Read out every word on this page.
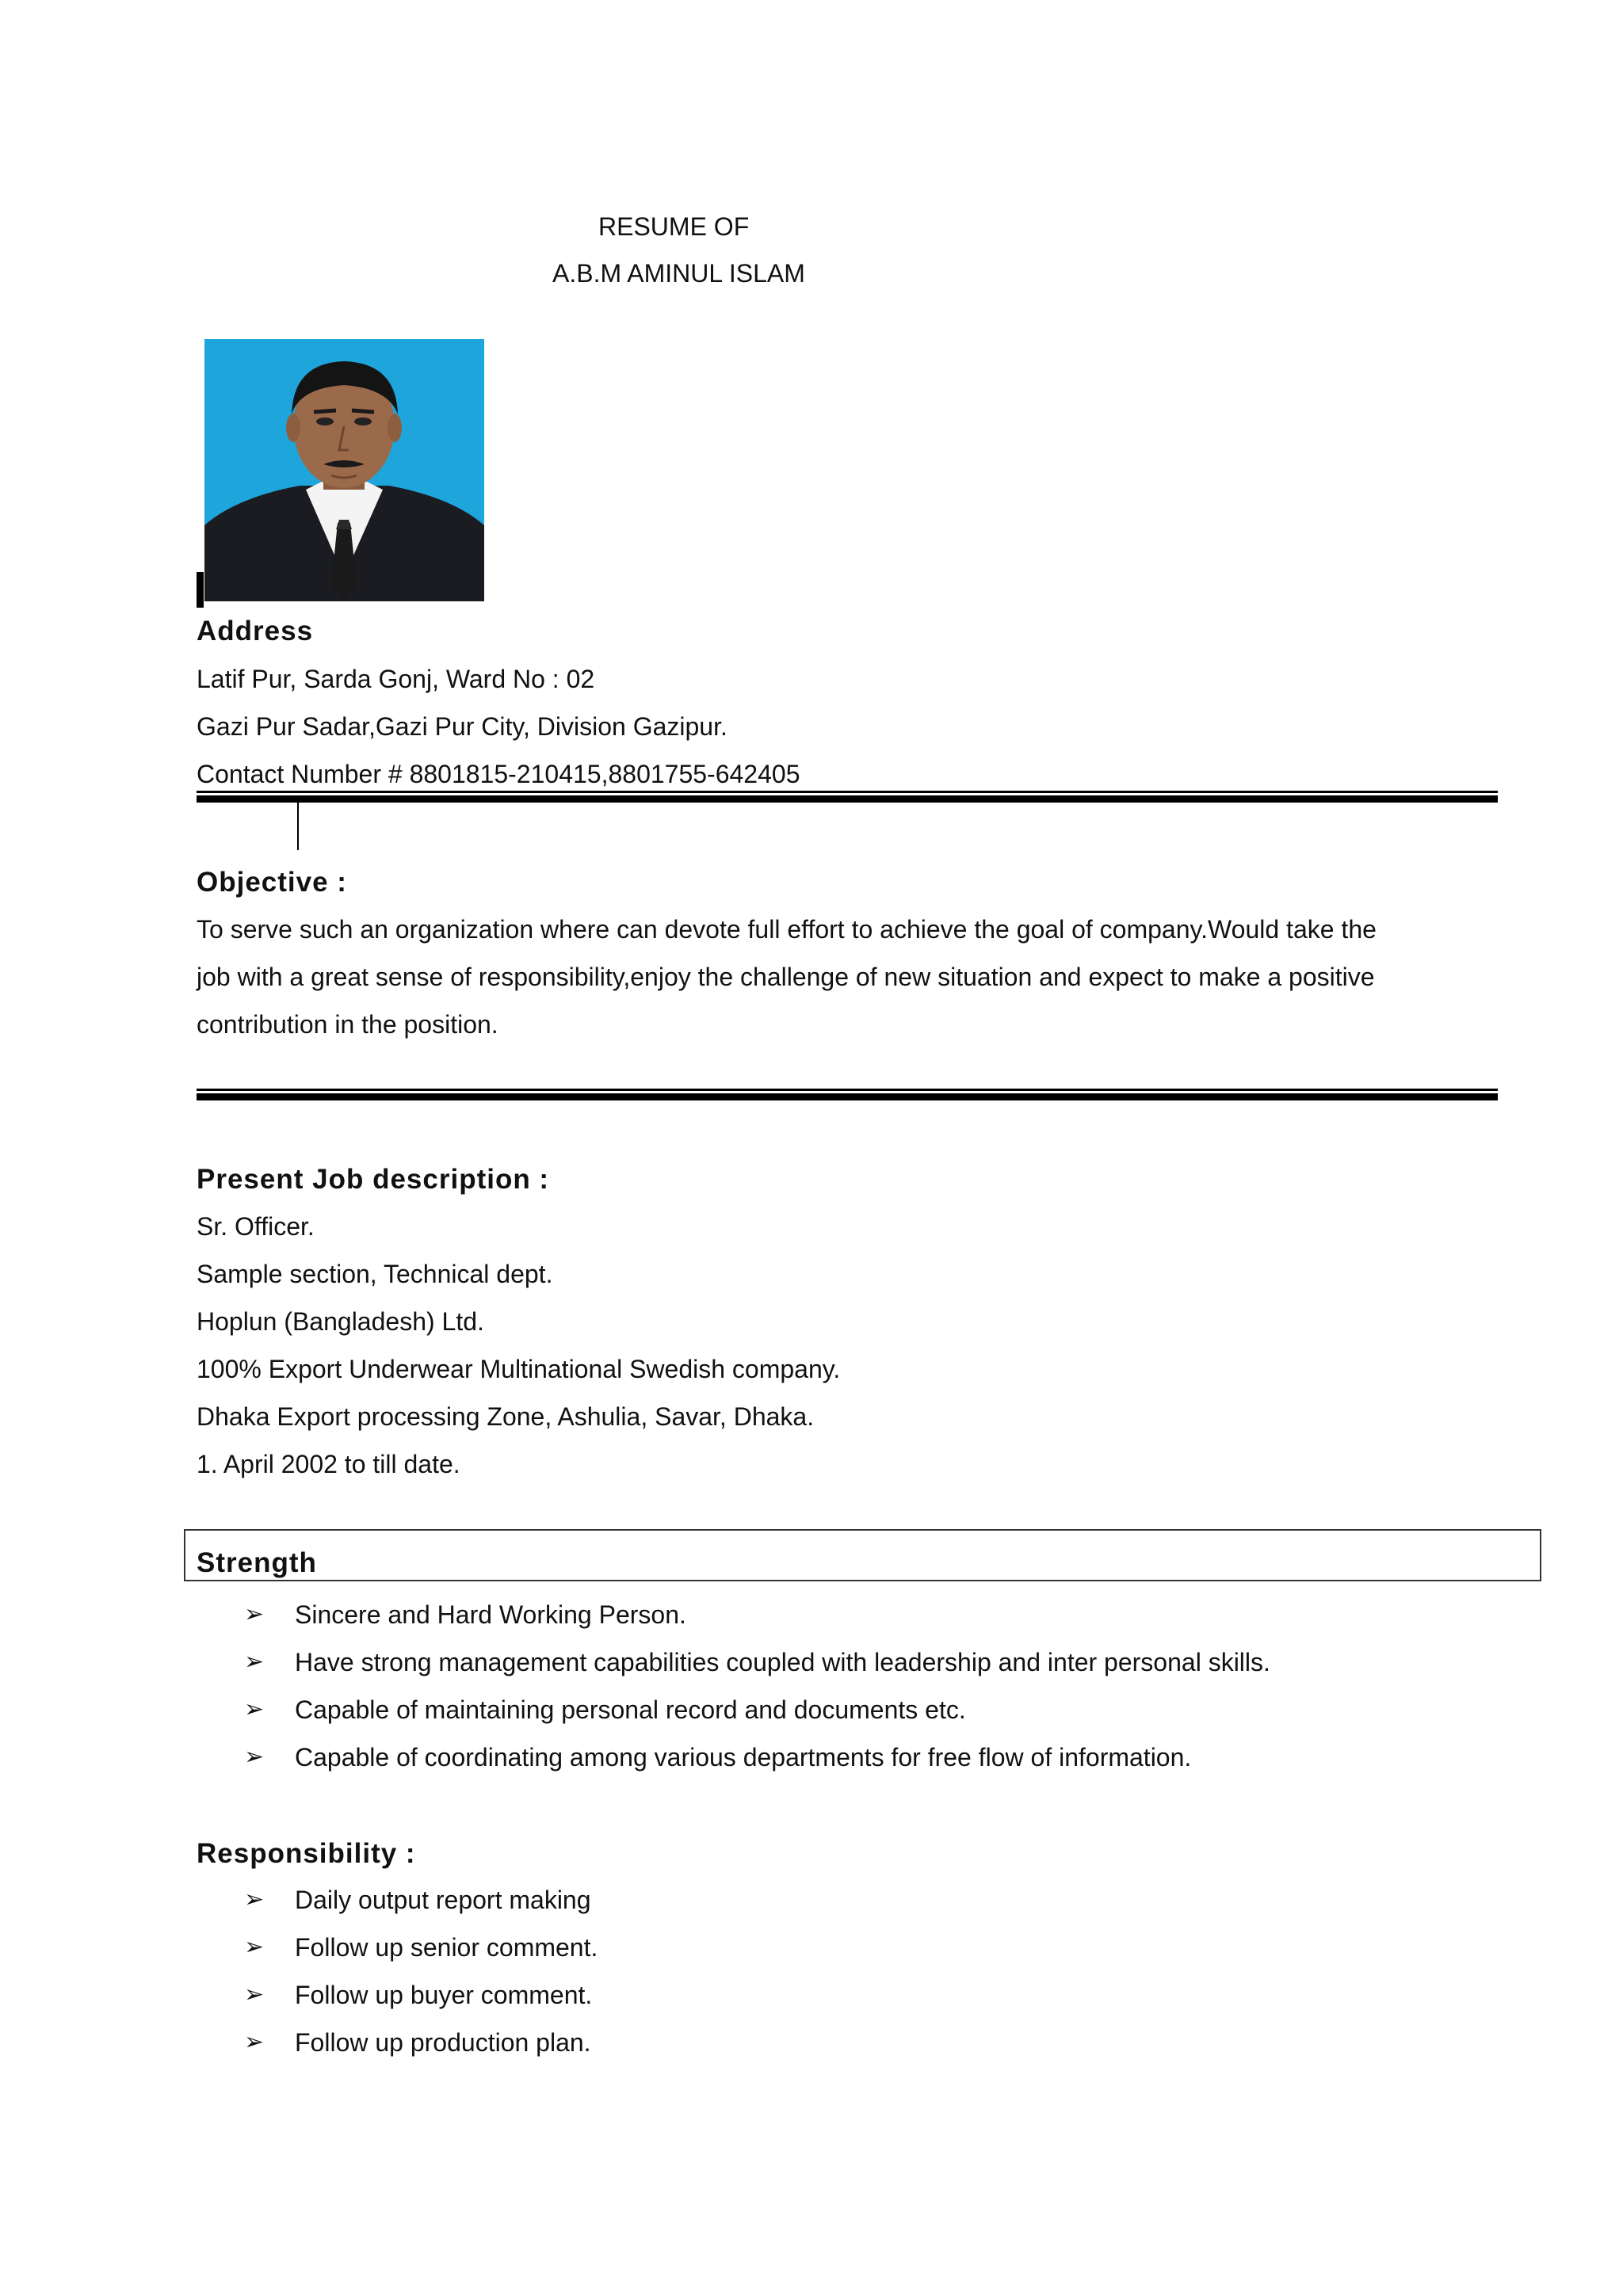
RESUME OF
A.B.M AMINUL ISLAM
Address
Latif Pur, Sarda Gonj, Ward No : 02
Gazi Pur Sadar,Gazi Pur City, Division Gazipur.
Contact Number # 8801815-210415,8801755-642405
Objective :
To serve such an organization where can devote full effort to achieve the goal of company.Would take the
job with a great sense of responsibility,enjoy the challenge of new situation and expect to make a positive
contribution in the position.
Present Job description :
Sr. Officer.
Sample section, Technical dept.
Hoplun (Bangladesh) Ltd.
100% Export Underwear Multinational Swedish company.
Dhaka Export processing Zone, Ashulia, Savar, Dhaka.
1. April 2002 to till date.
Strength
➢ Sincere and Hard Working Person.
➢ Have strong management capabilities coupled with leadership and inter personal skills.
➢ Capable of maintaining personal record and documents etc.
➢ Capable of coordinating among various departments for free flow of information.
Responsibility :
➢ Daily output report making
➢ Follow up senior comment.
➢ Follow up buyer comment.
➢ Follow up production plan.
